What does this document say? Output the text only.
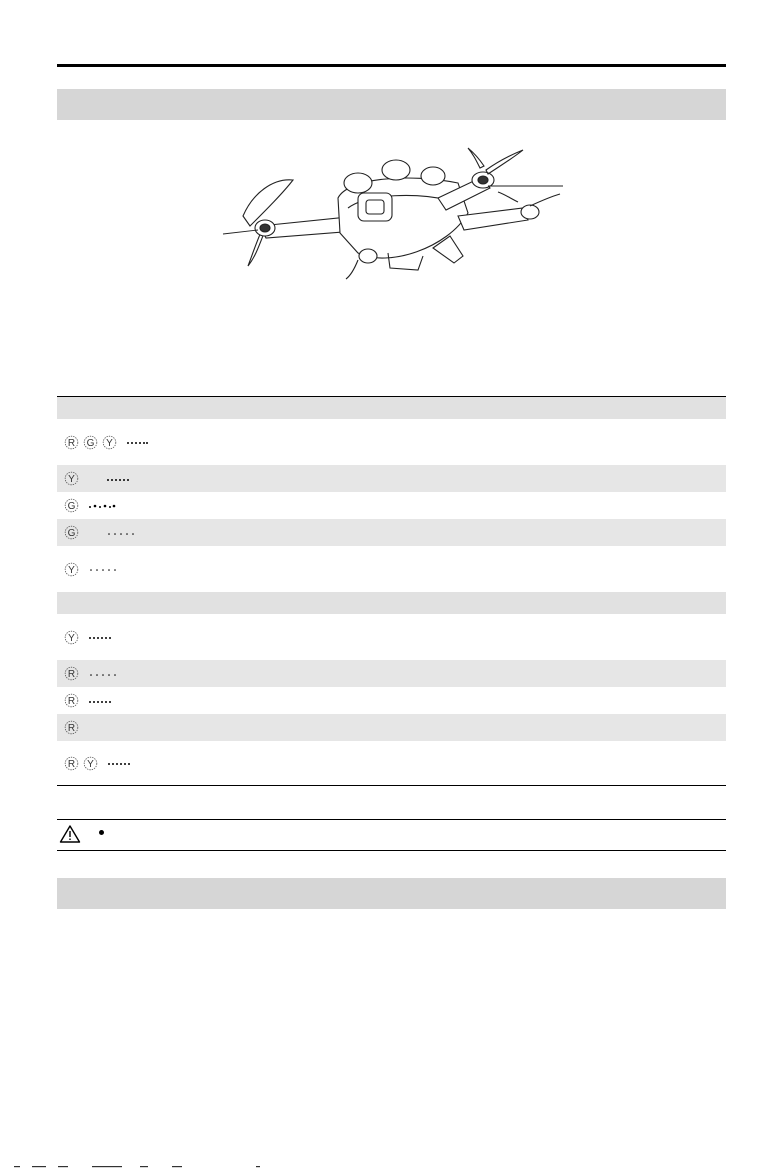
R G Y
Y
G
G
Y
Y
R
R
R
R Y
